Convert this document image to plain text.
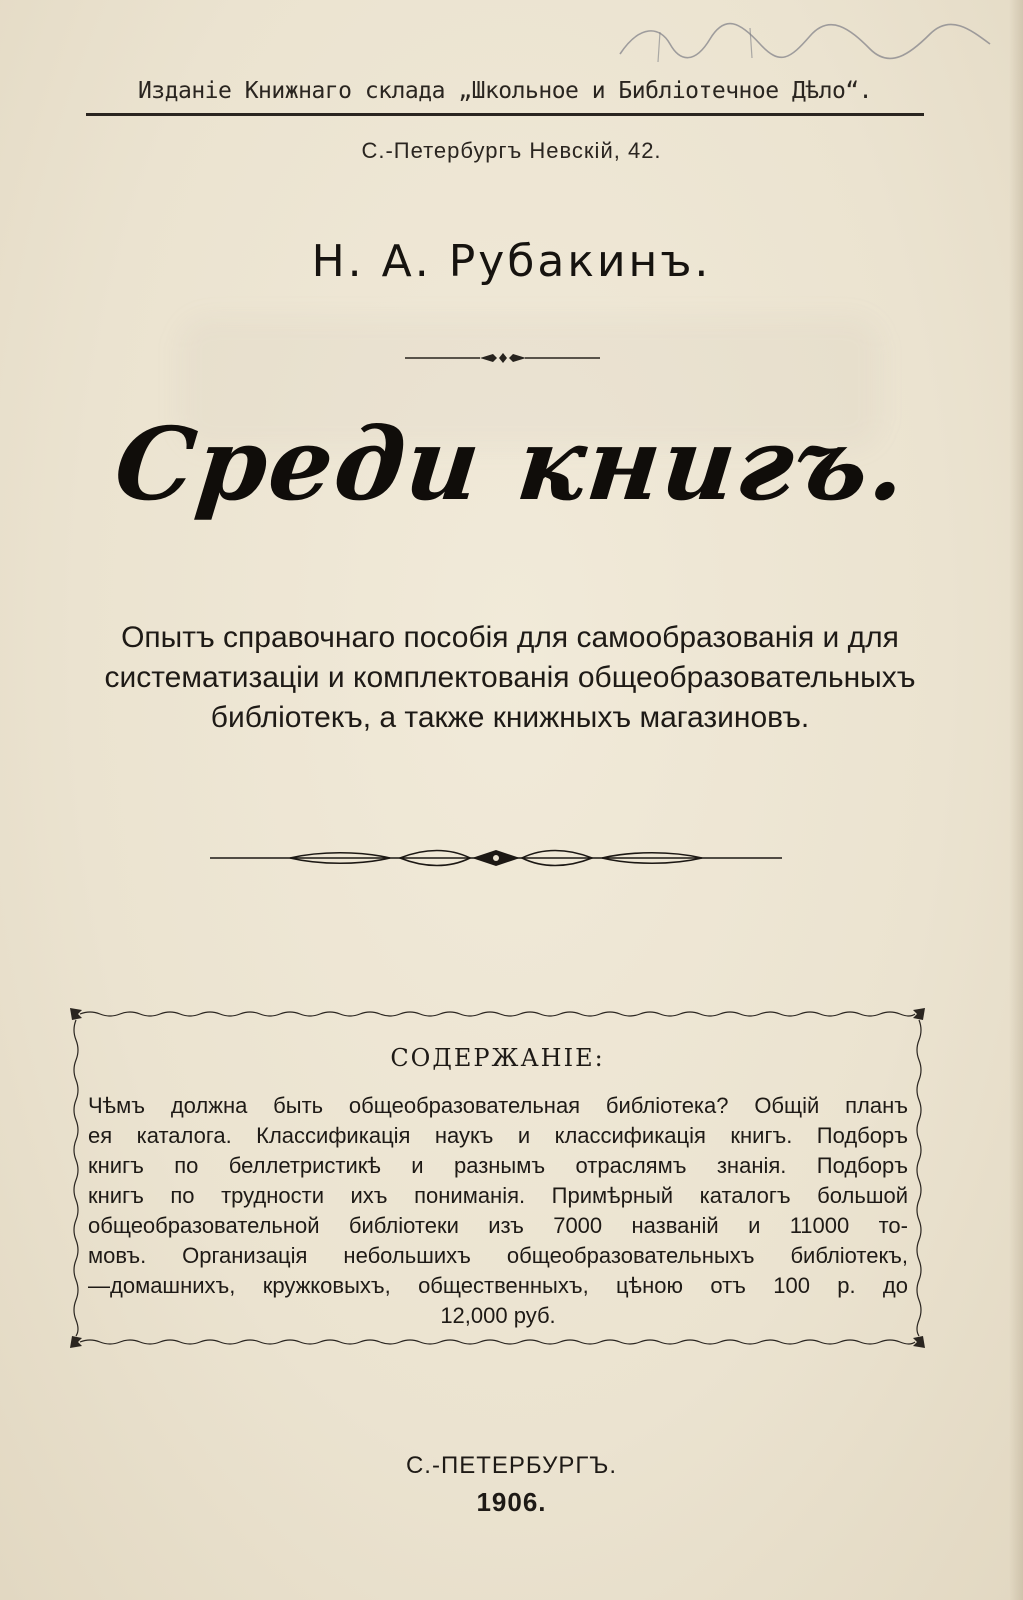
Изданіе Книжнаго склада „Школьное и Библіотечное Дѣло“.
С.-Петербургъ Невскій, 42.
Н. А. Рубакинъ.
Среди книгъ.
Опытъ справочнаго пособія для самообразованія и для
систематизаціи и комплектованія общеобразовательныхъ
библіотекъ, а также книжныхъ магазиновъ.
СОДЕРЖАНІЕ:
Чѣмъ должна быть общеобразовательная библіотека? Общій планъ
ея каталога. Классификація наукъ и классификація книгъ. Подборъ
книгъ по беллетристикѣ и разнымъ отраслямъ знанія. Подборъ
книгъ по трудности ихъ пониманія. Примѣрный каталогъ большой
общеобразовательной библіотеки изъ 7000 названій и 11000 то-
мовъ. Организація небольшихъ общеобразовательныхъ библіотекъ,
—домашнихъ, кружковыхъ, общественныхъ, цѣною отъ 100 р. до
12,000 руб.
С.-ПЕТЕРБУРГЪ.
1906.
